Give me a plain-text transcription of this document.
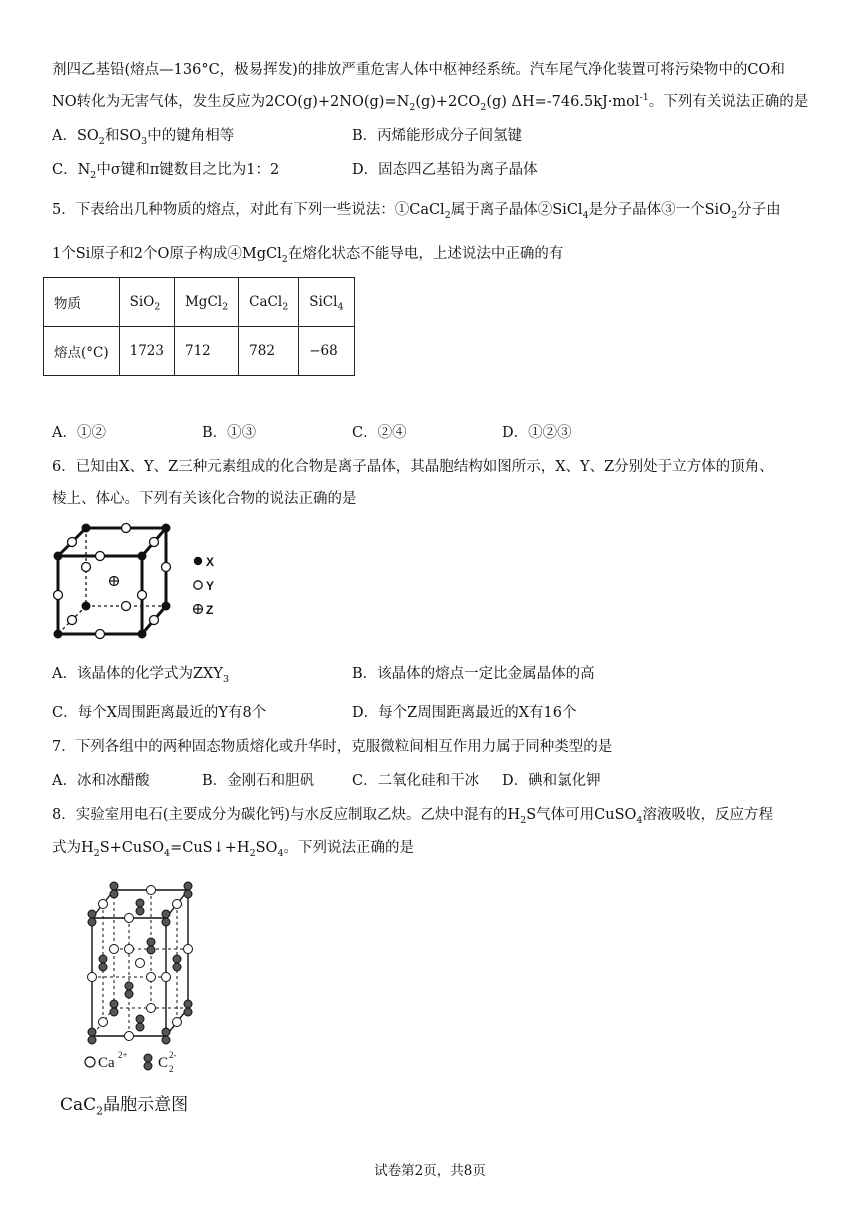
剂四乙基铅(熔点—136°C，极易挥发)的排放严重危害人体中枢神经系统。汽车尾气净化装置可将污染物中的CO和
NO转化为无害气体，发生反应为$2CO(g)+2NO(g)=N_2(g)+2CO_2(g)$ ΔH=-746.5kJ·mol$^{-1}$。下列有关说法正确的是
A．$SO_2$和$SO_3$中的键角相等	B．丙烯能形成分子间氢键
C．$N_2$中σ键和π键数目之比为1：2	D．固态四乙基铅为离子晶体
5．下表给出几种物质的熔点，对此有下列一些说法：①CaCl$_2$属于离子晶体②SiCl$_4$是分子晶体③一个SiO$_2$分子由
1个Si原子和2个O原子构成④MgCl$_2$在熔化状态不能导电，上述说法中正确的有
物质	SiO$_2$	MgCl$_2$	CaCl$_2$	SiCl$_4$
熔点(°C)	1723	712	782	−68
A．①②	B．①③	C．②④	D．①②③
6．已知由X、Y、Z三种元素组成的化合物是离子晶体，其晶胞结构如图所示，X、Y、Z分别处于立方体的顶角、
棱上、体心。下列有关该化合物的说法正确的是
X
Y
Z
A．该晶体的化学式为$ZXY_3$	B．该晶体的熔点一定比金属晶体的高
C．每个X周围距离最近的Y有8个	D．每个Z周围距离最近的X有16个
7．下列各组中的两种固态物质熔化或升华时，克服微粒间相互作用力属于同种类型的是
A．冰和冰醋酸	B．金刚石和胆矾	C．二氧化硅和干冰 D．碘和氯化钾
8．实验室用电石(主要成分为碳化钙)与水反应制取乙炔。乙炔中混有的$H_2S$气体可用CuSO$_4$溶液吸收，反应方程
式为$H_2S+CuSO_4=CuS↓+H_2SO_4$。下列说法正确的是
Ca 2+ C 2-
2
CaC$_2$晶胞示意图
试卷第2页，共8页
